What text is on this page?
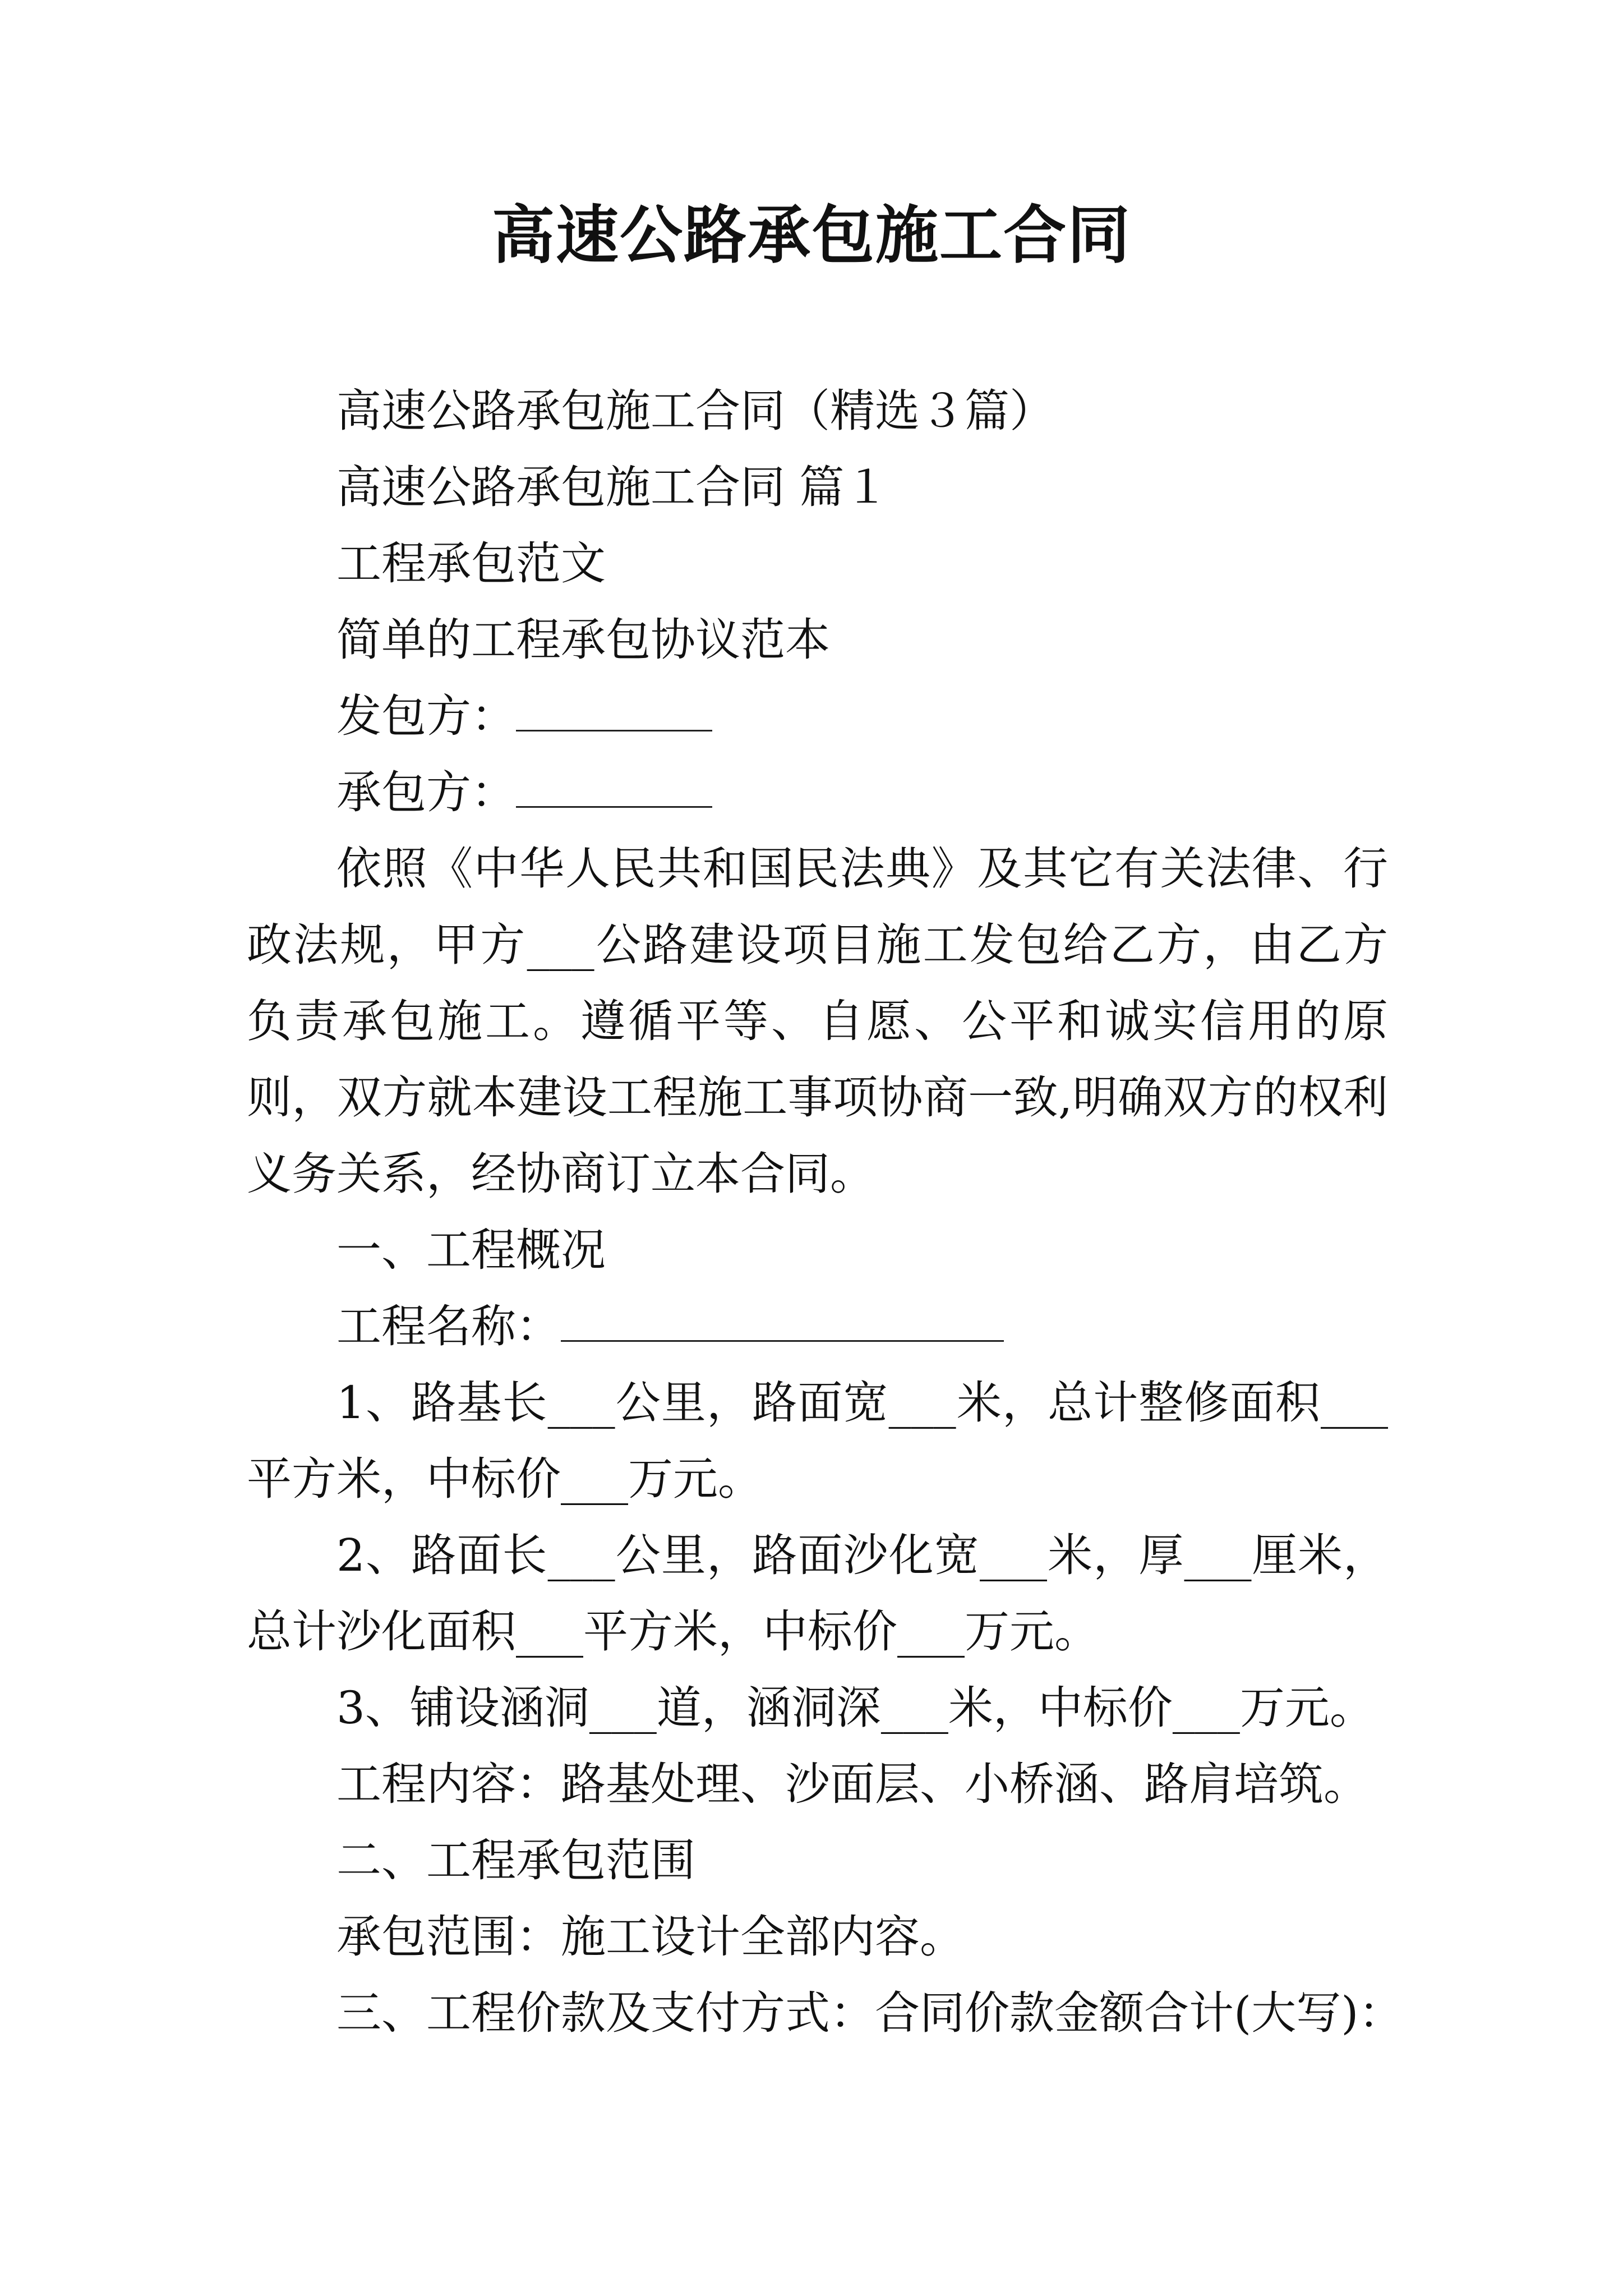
高速公路承包施工合同

高速公路承包施工合同（精选３篇）

高速公路承包施工合同 篇１

工程承包范文

简单的工程承包协议范本

发包方：

承包方：

依照《中华人民共和国民法典》及其它有关法律、行政法规，甲方___公路建设项目施工发包给乙方，由乙方负责承包施工。遵循平等、自愿、公平和诚实信用的原则，双方就本建设工程施工事项协商一致,明确双方的权利义务关系，经协商订立本合同。

一、工程概况

工程名称：

1、路基长___公里，路面宽___米，总计整修面积___平方米，中标价___万元。

2、路面长___公里，路面沙化宽___米，厚___厘米，总计沙化面积___平方米，中标价___万元。

3、铺设涵洞___道，涵洞深___米，中标价___万元。

工程内容：路基处理、沙面层、小桥涵、路肩培筑。

二、工程承包范围

承包范围：施工设计全部内容。

三、工程价款及支付方式：合同价款金额合计(大写)：
